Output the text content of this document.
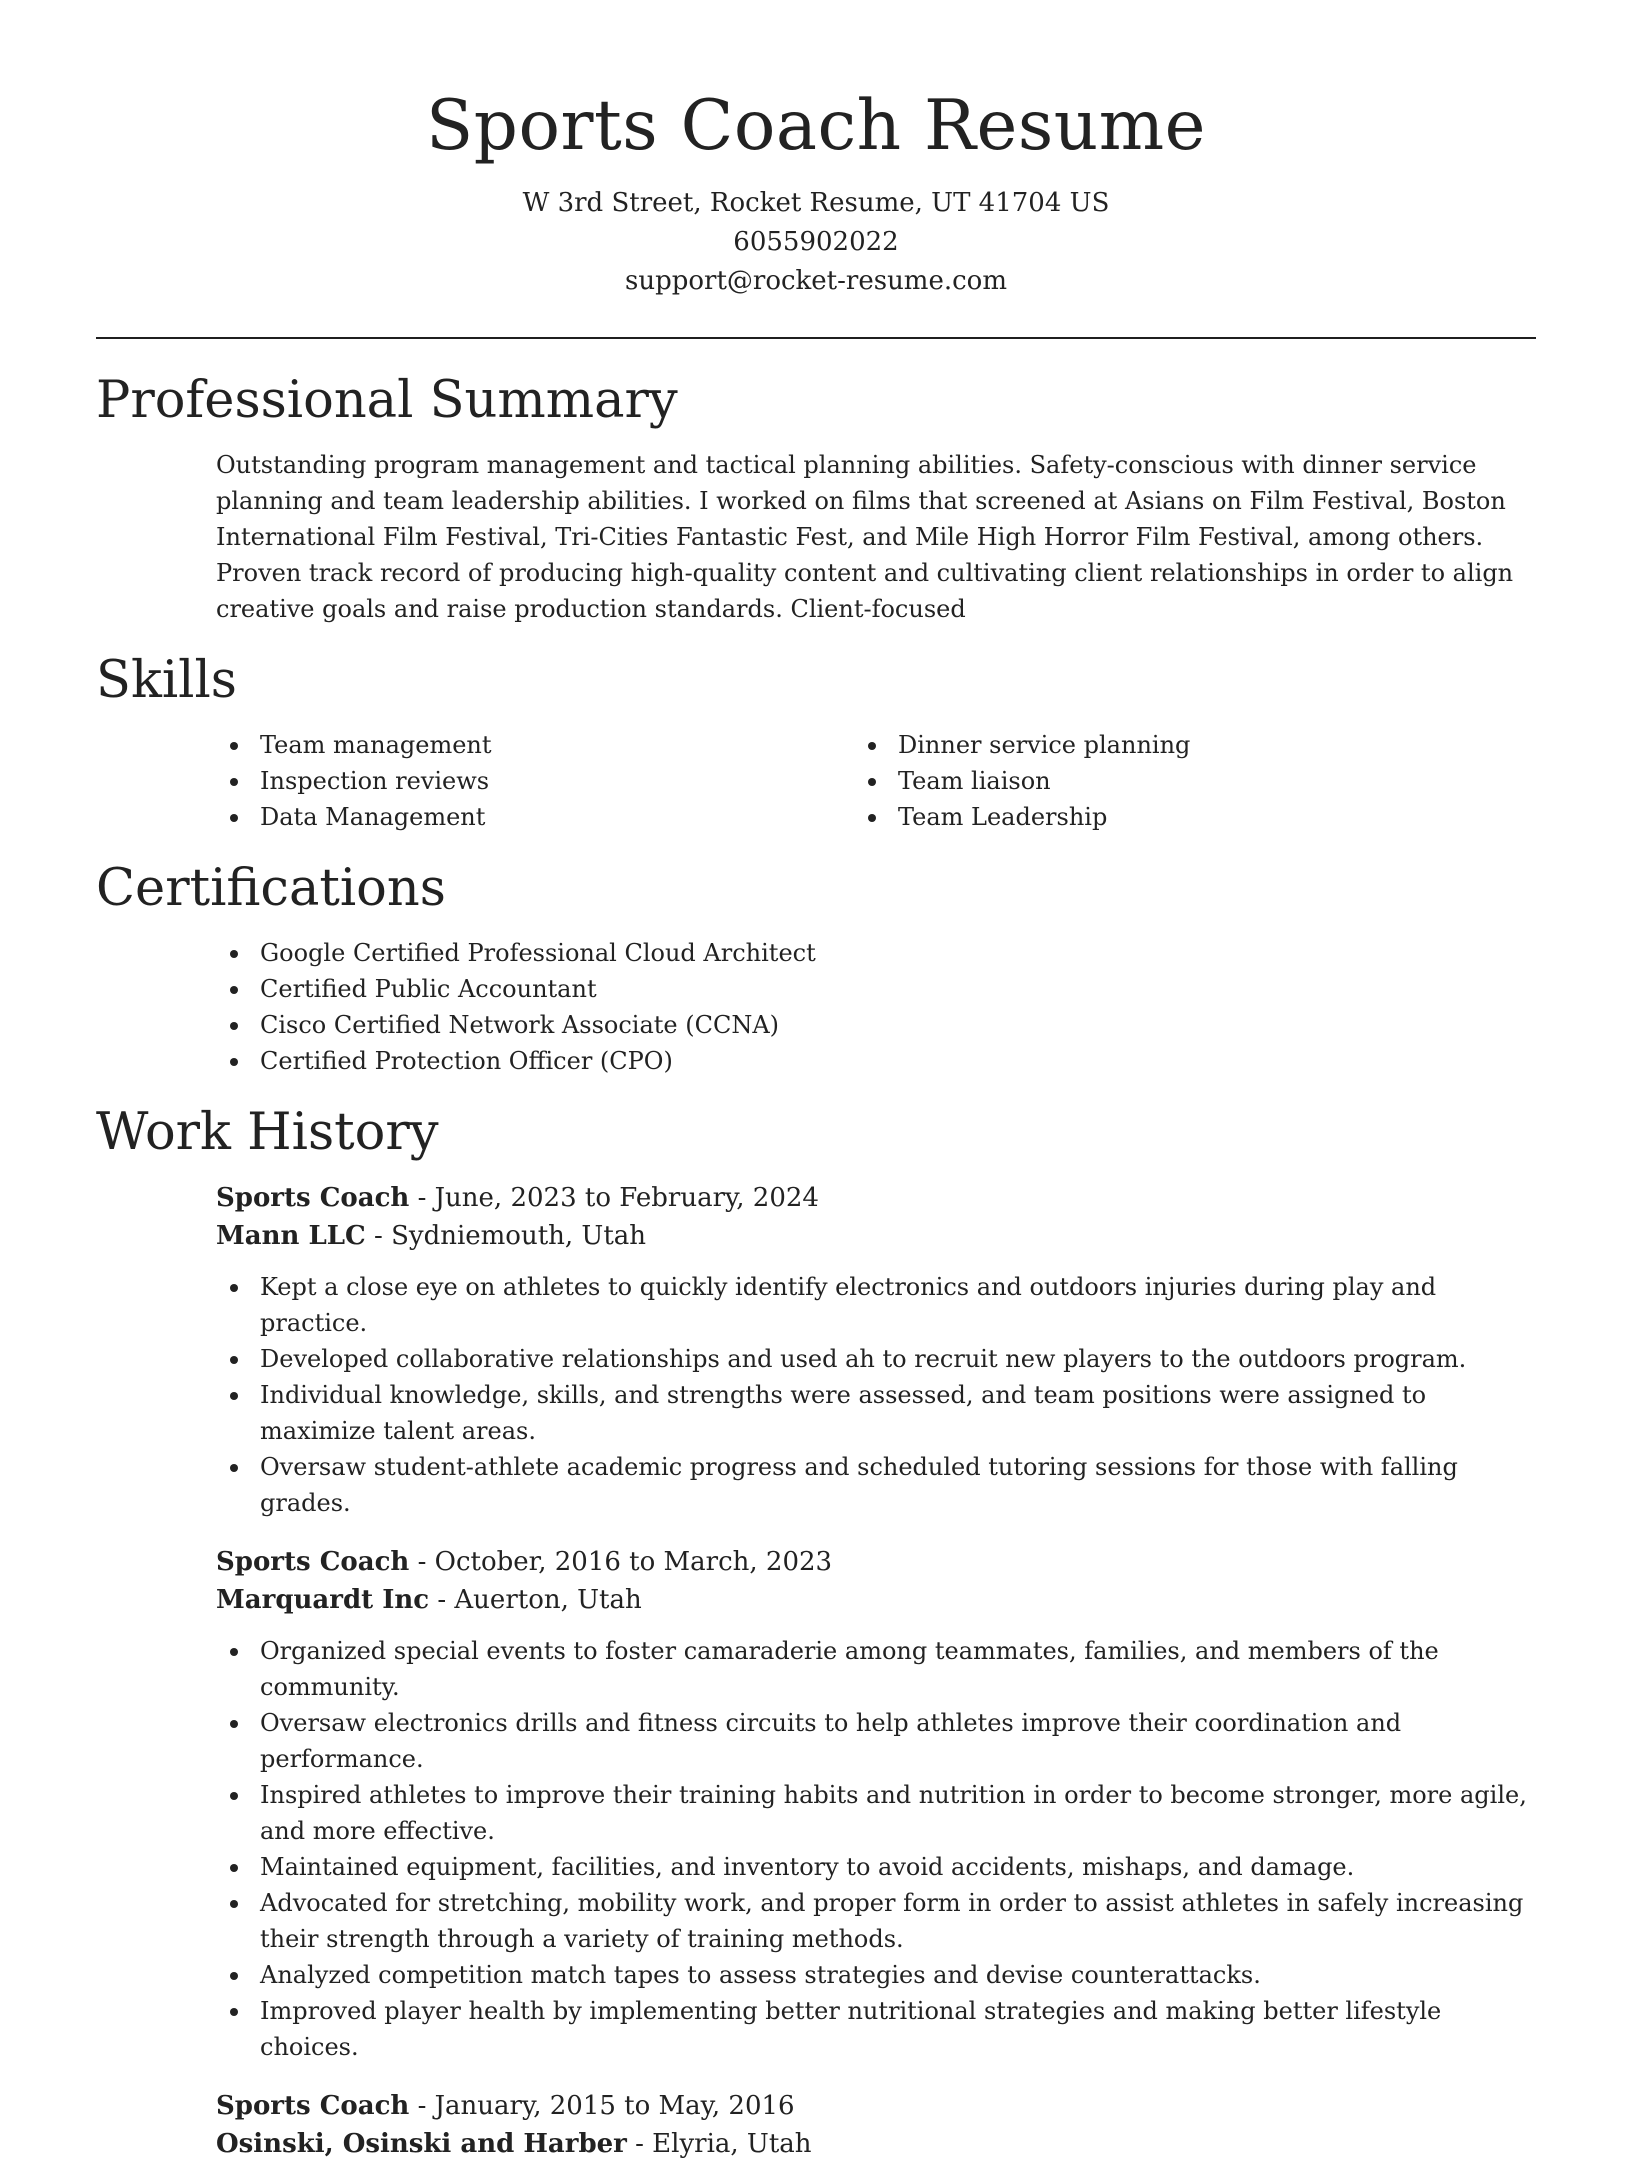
Sports Coach Resume
W 3rd Street, Rocket Resume, UT 41704 US
6055902022
support@rocket-resume.com
Professional Summary
Outstanding program management and tactical planning abilities. Safety-conscious with dinner service planning and team leadership abilities. I worked on films that screened at Asians on Film Festival, Boston International Film Festival, Tri-Cities Fantastic Fest, and Mile High Horror Film Festival, among others. Proven track record of producing high-quality content and cultivating client relationships in order to align creative goals and raise production standards. Client-focused
Skills
Team management
Inspection reviews
Data Management
Dinner service planning
Team liaison
Team Leadership
Certifications
Google Certified Professional Cloud Architect
Certified Public Accountant
Cisco Certified Network Associate (CCNA)
Certified Protection Officer (CPO)
Work History
Sports Coach - June, 2023 to February, 2024
Mann LLC - Sydniemouth, Utah
Kept a close eye on athletes to quickly identify electronics and outdoors injuries during play and practice.
Developed collaborative relationships and used ah to recruit new players to the outdoors program.
Individual knowledge, skills, and strengths were assessed, and team positions were assigned to maximize talent areas.
Oversaw student-athlete academic progress and scheduled tutoring sessions for those with falling grades.
Sports Coach - October, 2016 to March, 2023
Marquardt Inc - Auerton, Utah
Organized special events to foster camaraderie among teammates, families, and members of the community.
Oversaw electronics drills and fitness circuits to help athletes improve their coordination and performance.
Inspired athletes to improve their training habits and nutrition in order to become stronger, more agile, and more effective.
Maintained equipment, facilities, and inventory to avoid accidents, mishaps, and damage.
Advocated for stretching, mobility work, and proper form in order to assist athletes in safely increasing their strength through a variety of training methods.
Analyzed competition match tapes to assess strategies and devise counterattacks.
Improved player health by implementing better nutritional strategies and making better lifestyle choices.
Sports Coach - January, 2015 to May, 2016
Osinski, Osinski and Harber - Elyria, Utah
